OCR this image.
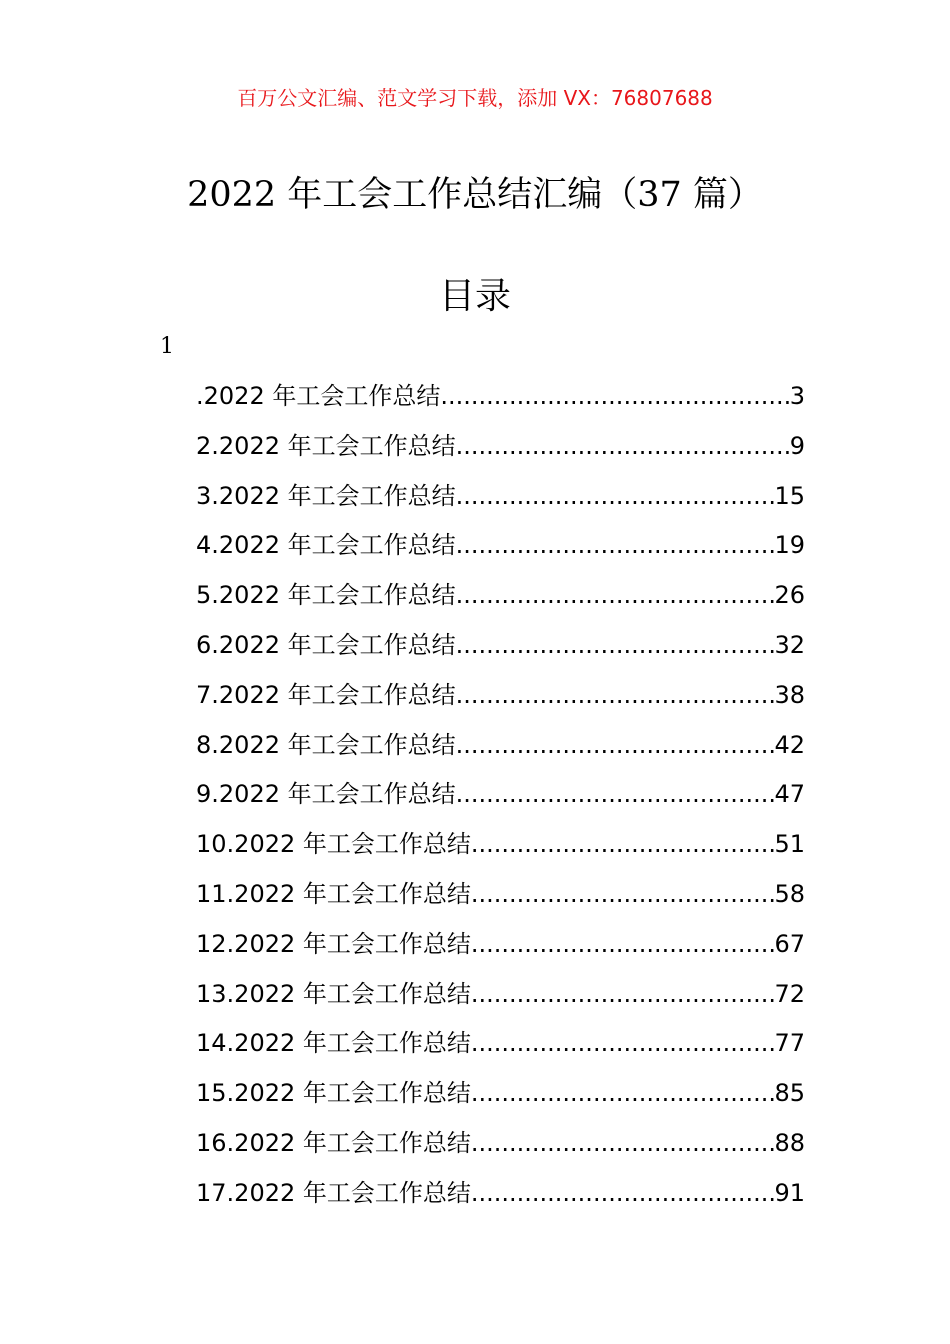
百万公文汇编、范文学习下载，添加 VX：76807688
2022 年工会工作总结汇编（37 篇）
目录
1
.2022 年工会工作总结 .....	3
2.2022 年工会工作总结 .....	9
3.2022 年工会工作总结 .....	15
4.2022 年工会工作总结 .....	19
5.2022 年工会工作总结 .....	26
6.2022 年工会工作总结 .....	32
7.2022 年工会工作总结 .....	38
8.2022 年工会工作总结 .....	42
9.2022 年工会工作总结 .....	47
10.2022 年工会工作总结 .....	51
11.2022 年工会工作总结 .....	58
12.2022 年工会工作总结 .....	67
13.2022 年工会工作总结 .....	72
14.2022 年工会工作总结 .....	77
15.2022 年工会工作总结 .....	85
16.2022 年工会工作总结 .....	88
17.2022 年工会工作总结 .....	91
